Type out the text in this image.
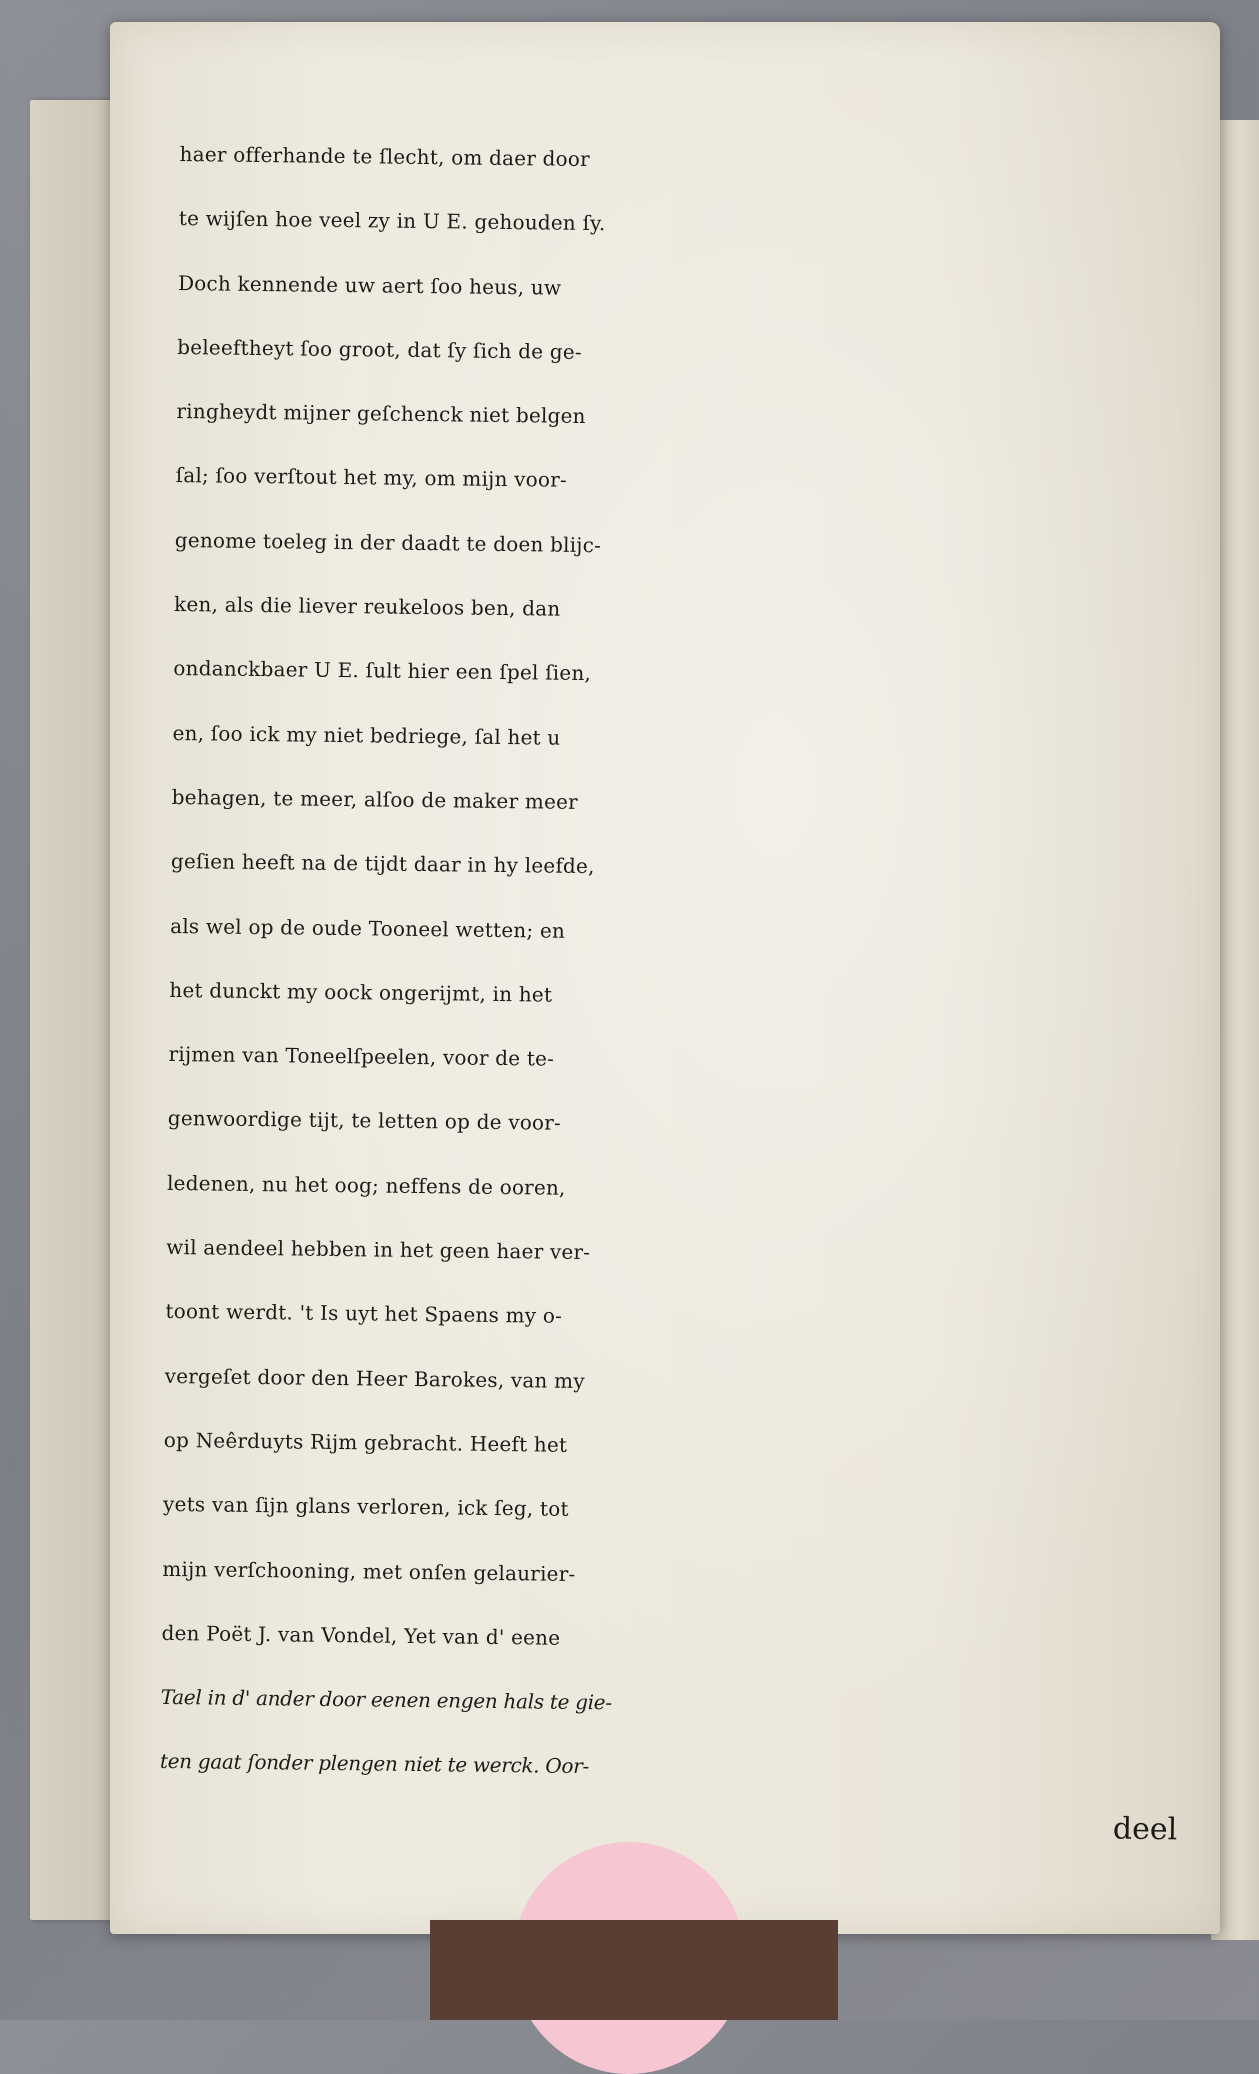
haer offerhande te ſlecht, om daer door
te wijſen hoe veel zy in U E. gehouden ſy.
Doch kennende uw aert ſoo heus, uw
beleeftheyt ſoo groot, dat ſy ſich de ge-
ringheydt mijner geſchenck niet belgen
ſal; ſoo verſtout het my, om mijn voor-
genome toeleg in der daadt te doen blijc-
ken, als die liever reukeloos ben, dan
ondanckbaer U E. ſult hier een ſpel ſien,
en, ſoo ick my niet bedriege, ſal het u
behagen, te meer, alſoo de maker meer
geſien heeft na de tijdt daar in hy leefde,
als wel op de oude Tooneel wetten; en
het dunckt my oock ongerijmt, in het
rijmen van Toneelſpeelen, voor de te-
genwoordige tijt, te letten op de voor-
ledenen, nu het oog; neffens de ooren,
wil aendeel hebben in het geen haer ver-
toont werdt. 't Is uyt het Spaens my o-
vergeſet door den Heer Barokes, van my
op Neêrduyts Rijm gebracht. Heeft het
yets van ſijn glans verloren, ick ſeg, tot
mijn verſchooning, met onſen gelaurier-
den Poët J. van Vondel, Yet van d' eene
Tael in d' ander door eenen engen hals te gie-
ten gaat ſonder plengen niet te werck. Oor-
deel
